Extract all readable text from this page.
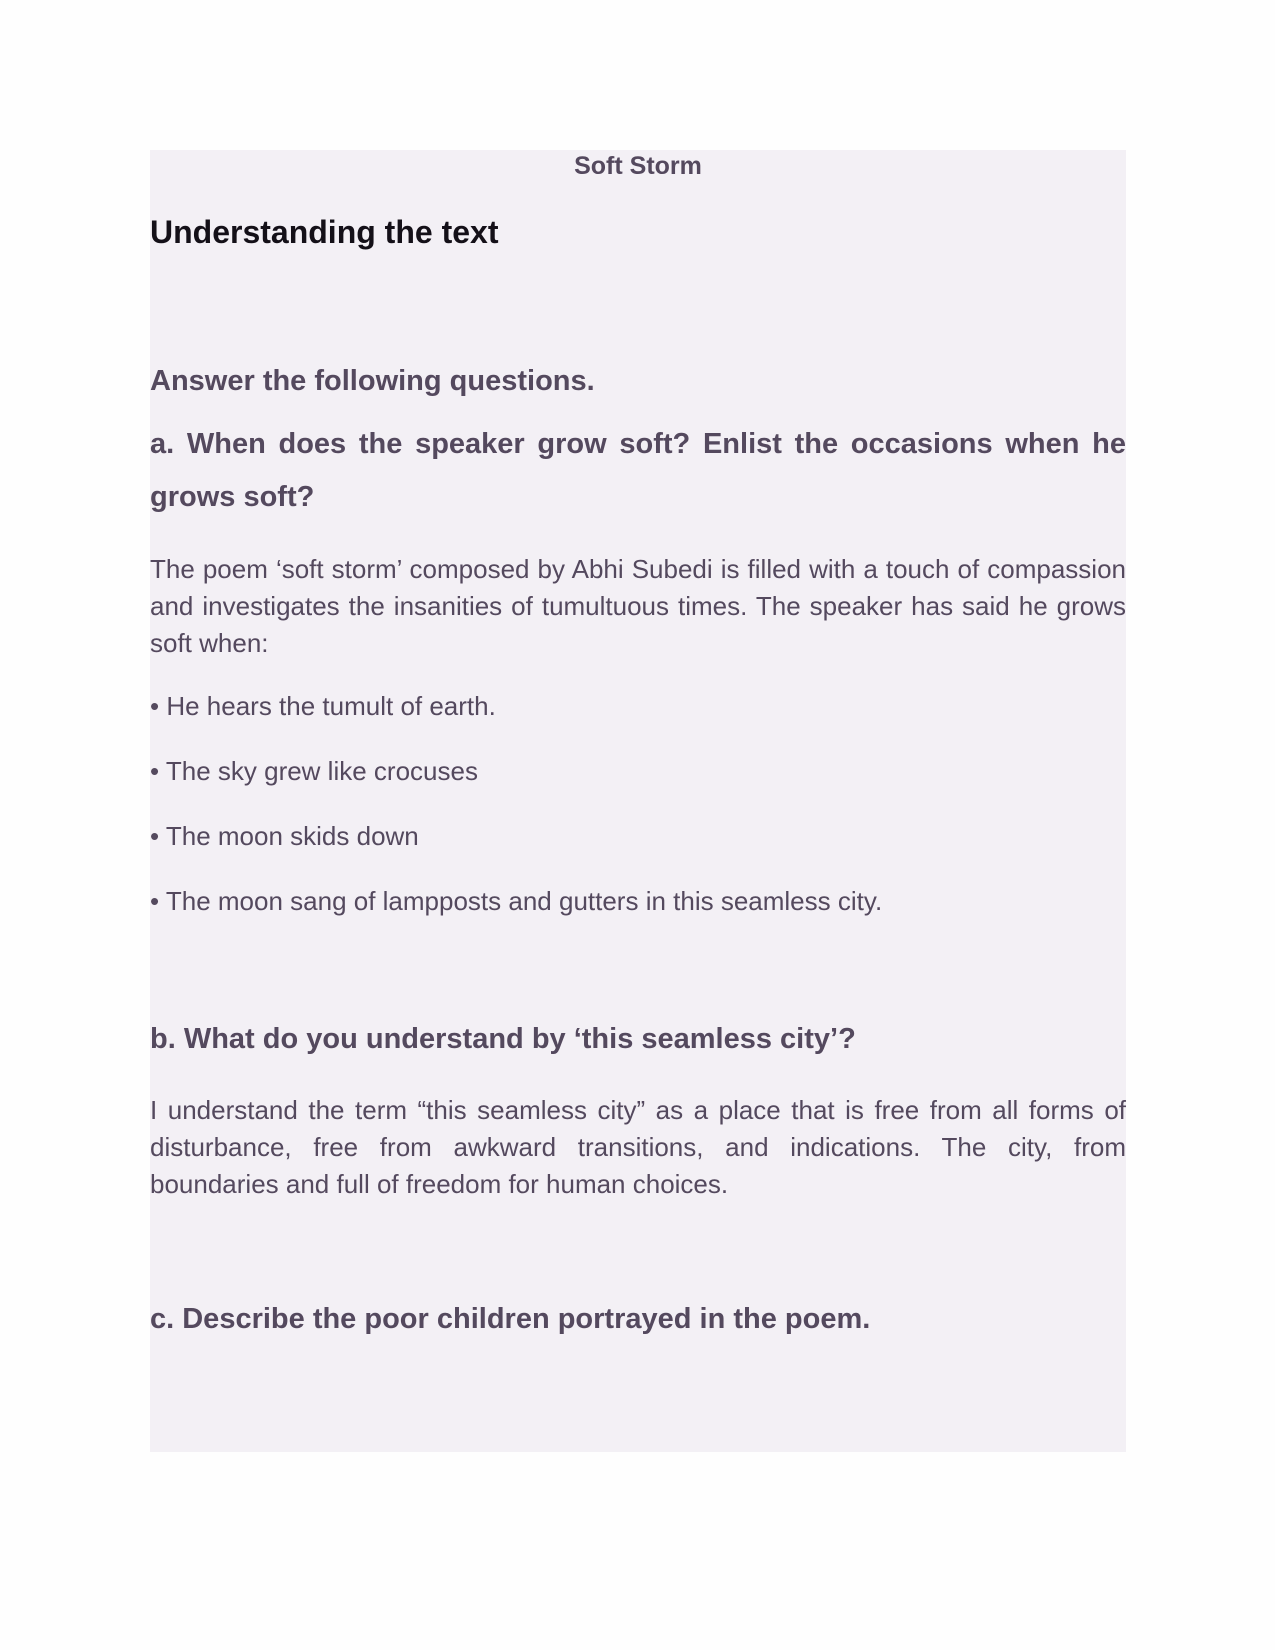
Soft Storm
Understanding the text

Answer the following questions.

a. When does the speaker grow soft? Enlist the occasions when he grows soft?

The poem ‘soft storm’ composed by Abhi Subedi is filled with a touch of compassion and investigates the insanities of tumultuous times. The speaker has said he grows soft when:

• He hears the tumult of earth.

• The sky grew like crocuses

• The moon skids down

• The moon sang of lampposts and gutters in this seamless city.

b. What do you understand by ‘this seamless city’?

I understand the term “this seamless city” as a place that is free from all forms of disturbance, free from awkward transitions, and indications. The city, from boundaries and full of freedom for human choices.

c. Describe the poor children portrayed in the poem.
